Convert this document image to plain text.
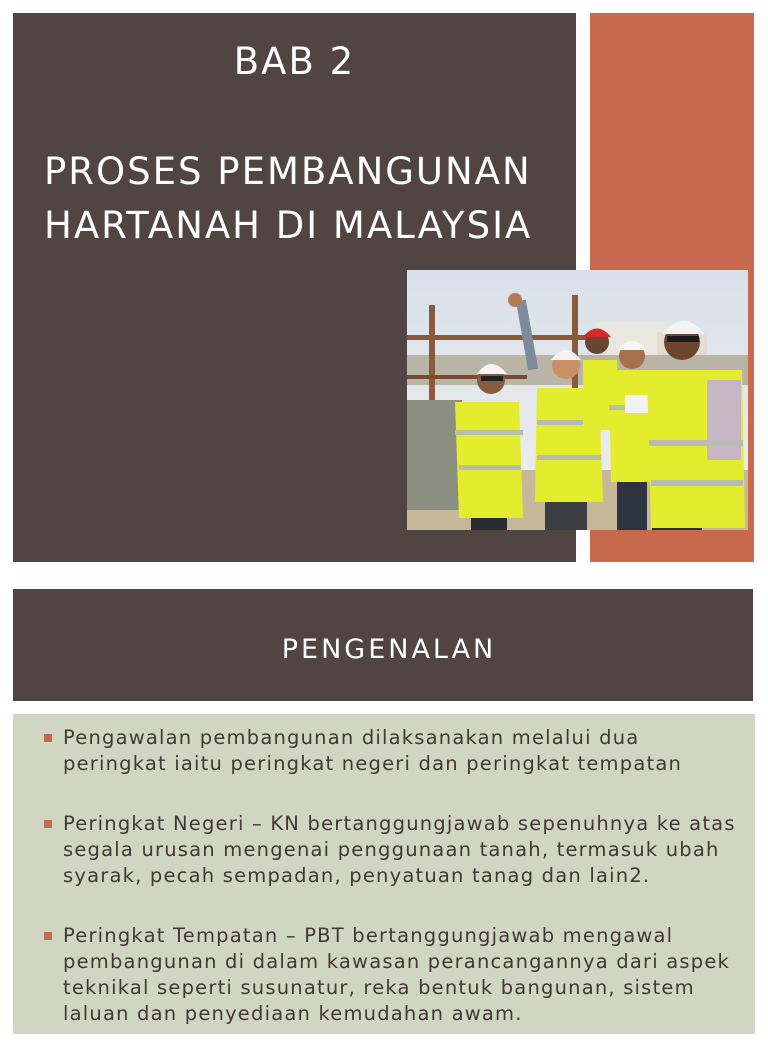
BAB 2
PROSES PEMBANGUNAN
HARTANAH DI MALAYSIA
PENGENALAN
Pengawalan pembangunan dilaksanakan melalui dua
peringkat iaitu peringkat negeri dan peringkat tempatan
Peringkat Negeri – KN bertanggungjawab sepenuhnya ke atas
segala urusan mengenai penggunaan tanah, termasuk ubah
syarak, pecah sempadan, penyatuan tanag dan lain2.
Peringkat Tempatan – PBT bertanggungjawab mengawal
pembangunan di dalam kawasan perancangannya dari aspek
teknikal seperti susunatur, reka bentuk bangunan, sistem
laluan dan penyediaan kemudahan awam.
